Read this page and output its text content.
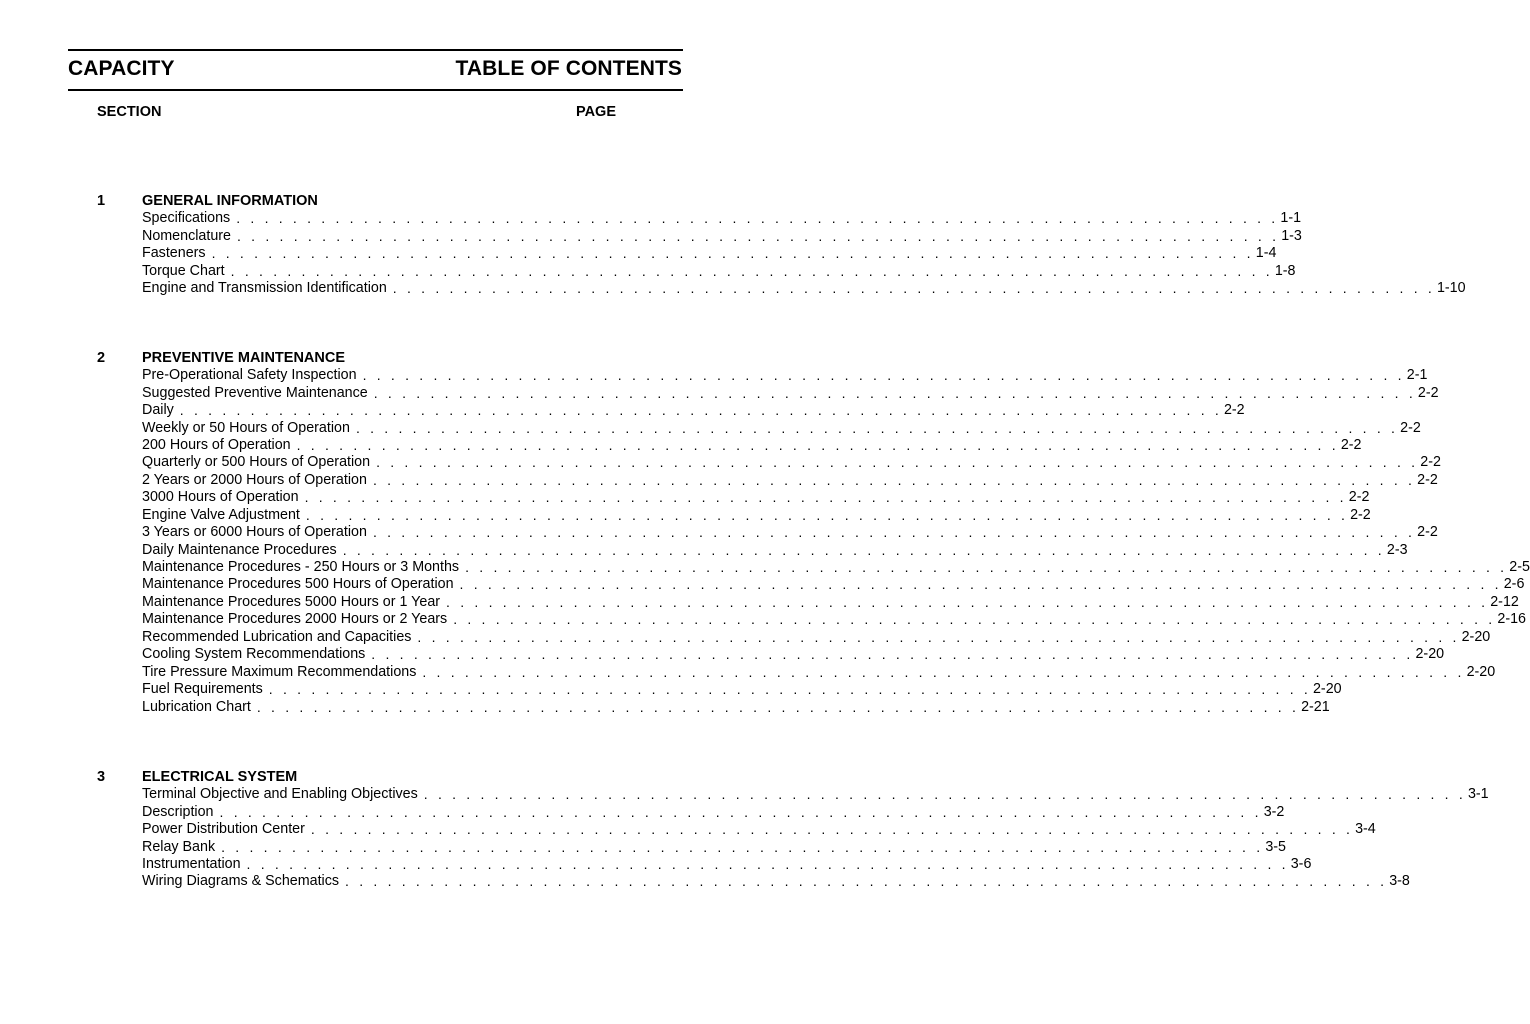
CAPACITY	TABLE OF CONTENTS
SECTION	PAGE
1	GENERAL INFORMATION
Specifications . . . . . . . . . . . . . . . . . . . . . . . . . . . . . . . . . . . . . . . . . . . . . . . . . . . . . . . . . . . . . . . . . . . . . . . . . . 1-1
Nomenclature . . . . . . . . . . . . . . . . . . . . . . . . . . . . . . . . . . . . . . . . . . . . . . . . . . . . . . . . . . . . . . . . . . . . . . . . . . 1-3
Fasteners . . . . . . . . . . . . . . . . . . . . . . . . . . . . . . . . . . . . . . . . . . . . . . . . . . . . . . . . . . . . . . . . . . . . . . . . . . 1-4
Torque Chart . . . . . . . . . . . . . . . . . . . . . . . . . . . . . . . . . . . . . . . . . . . . . . . . . . . . . . . . . . . . . . . . . . . . . . . . . . 1-8
Engine and Transmission Identification . . . . . . . . . . . . . . . . . . . . . . . . . . . . . . . . . . . . . . . . . . . . . . . . . . . . . . . . . . . . . . . . . . . . . . . . . . 1-10
2	PREVENTIVE MAINTENANCE
Pre-Operational Safety Inspection . . . . . . . . . . . . . . . . . . . . . . . . . . . . . . . . . . . . . . . . . . . . . . . . . . . . . . . . . . . . . . . . . . . . . . . . . . 2-1
Suggested Preventive Maintenance . . . . . . . . . . . . . . . . . . . . . . . . . . . . . . . . . . . . . . . . . . . . . . . . . . . . . . . . . . . . . . . . . . . . . . . . . . 2-2
Daily . . . . . . . . . . . . . . . . . . . . . . . . . . . . . . . . . . . . . . . . . . . . . . . . . . . . . . . . . . . . . . . . . . . . . . . . . . 2-2
Weekly or 50 Hours of Operation . . . . . . . . . . . . . . . . . . . . . . . . . . . . . . . . . . . . . . . . . . . . . . . . . . . . . . . . . . . . . . . . . . . . . . . . . . 2-2
200 Hours of Operation . . . . . . . . . . . . . . . . . . . . . . . . . . . . . . . . . . . . . . . . . . . . . . . . . . . . . . . . . . . . . . . . . . . . . . . . . . 2-2
Quarterly or 500 Hours of Operation . . . . . . . . . . . . . . . . . . . . . . . . . . . . . . . . . . . . . . . . . . . . . . . . . . . . . . . . . . . . . . . . . . . . . . . . . . 2-2
2 Years or 2000 Hours of Operation . . . . . . . . . . . . . . . . . . . . . . . . . . . . . . . . . . . . . . . . . . . . . . . . . . . . . . . . . . . . . . . . . . . . . . . . . . 2-2
3000 Hours of Operation . . . . . . . . . . . . . . . . . . . . . . . . . . . . . . . . . . . . . . . . . . . . . . . . . . . . . . . . . . . . . . . . . . . . . . . . . . 2-2
Engine Valve Adjustment . . . . . . . . . . . . . . . . . . . . . . . . . . . . . . . . . . . . . . . . . . . . . . . . . . . . . . . . . . . . . . . . . . . . . . . . . . 2-2
3 Years or 6000 Hours of Operation . . . . . . . . . . . . . . . . . . . . . . . . . . . . . . . . . . . . . . . . . . . . . . . . . . . . . . . . . . . . . . . . . . . . . . . . . . 2-2
Daily Maintenance Procedures . . . . . . . . . . . . . . . . . . . . . . . . . . . . . . . . . . . . . . . . . . . . . . . . . . . . . . . . . . . . . . . . . . . . . . . . . . 2-3
Maintenance Procedures - 250 Hours or 3 Months . . . . . . . . . . . . . . . . . . . . . . . . . . . . . . . . . . . . . . . . . . . . . . . . . . . . . . . . . . . . . . . . . . . . . . . . . . 2-5
Maintenance Procedures 500 Hours of Operation . . . . . . . . . . . . . . . . . . . . . . . . . . . . . . . . . . . . . . . . . . . . . . . . . . . . . . . . . . . . . . . . . . . . . . . . . . 2-6
Maintenance Procedures 5000 Hours or 1 Year . . . . . . . . . . . . . . . . . . . . . . . . . . . . . . . . . . . . . . . . . . . . . . . . . . . . . . . . . . . . . . . . . . . . . . . . . . 2-12
Maintenance Procedures 2000 Hours or 2 Years . . . . . . . . . . . . . . . . . . . . . . . . . . . . . . . . . . . . . . . . . . . . . . . . . . . . . . . . . . . . . . . . . . . . . . . . . . 2-16
Recommended Lubrication and Capacities . . . . . . . . . . . . . . . . . . . . . . . . . . . . . . . . . . . . . . . . . . . . . . . . . . . . . . . . . . . . . . . . . . . . . . . . . . 2-20
Cooling System Recommendations . . . . . . . . . . . . . . . . . . . . . . . . . . . . . . . . . . . . . . . . . . . . . . . . . . . . . . . . . . . . . . . . . . . . . . . . . . 2-20
Tire Pressure Maximum Recommendations . . . . . . . . . . . . . . . . . . . . . . . . . . . . . . . . . . . . . . . . . . . . . . . . . . . . . . . . . . . . . . . . . . . . . . . . . . 2-20
Fuel Requirements . . . . . . . . . . . . . . . . . . . . . . . . . . . . . . . . . . . . . . . . . . . . . . . . . . . . . . . . . . . . . . . . . . . . . . . . . . 2-20
Lubrication Chart . . . . . . . . . . . . . . . . . . . . . . . . . . . . . . . . . . . . . . . . . . . . . . . . . . . . . . . . . . . . . . . . . . . . . . . . . . 2-21
3	ELECTRICAL SYSTEM
Terminal Objective and Enabling Objectives . . . . . . . . . . . . . . . . . . . . . . . . . . . . . . . . . . . . . . . . . . . . . . . . . . . . . . . . . . . . . . . . . . . . . . . . . . 3-1
Description . . . . . . . . . . . . . . . . . . . . . . . . . . . . . . . . . . . . . . . . . . . . . . . . . . . . . . . . . . . . . . . . . . . . . . . . . . 3-2
Power Distribution Center . . . . . . . . . . . . . . . . . . . . . . . . . . . . . . . . . . . . . . . . . . . . . . . . . . . . . . . . . . . . . . . . . . . . . . . . . . 3-4
Relay Bank . . . . . . . . . . . . . . . . . . . . . . . . . . . . . . . . . . . . . . . . . . . . . . . . . . . . . . . . . . . . . . . . . . . . . . . . . . 3-5
Instrumentation . . . . . . . . . . . . . . . . . . . . . . . . . . . . . . . . . . . . . . . . . . . . . . . . . . . . . . . . . . . . . . . . . . . . . . . . . . 3-6
Wiring Diagrams & Schematics . . . . . . . . . . . . . . . . . . . . . . . . . . . . . . . . . . . . . . . . . . . . . . . . . . . . . . . . . . . . . . . . . . . . . . . . . . 3-8
